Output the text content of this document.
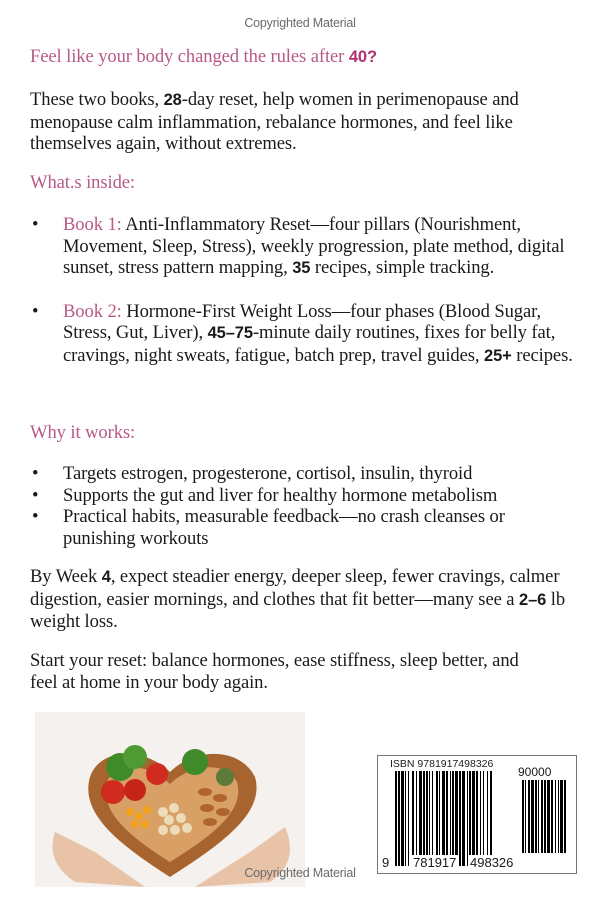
Copyrighted Material
Feel like your body changed the rules after 40?
These two books, 28-day reset, help women in perimenopause and menopause calm inflammation, rebalance hormones, and feel like themselves again, without extremes.
What.s inside:
• Book 1: Anti-Inflammatory Reset—four pillars (Nourishment, Movement, Sleep, Stress), weekly progression, plate method, digital sunset, stress pattern mapping, 35 recipes, simple tracking.
• Book 2: Hormone-First Weight Loss—four phases (Blood Sugar, Stress, Gut, Liver), 45–75-minute daily routines, fixes for belly fat, cravings, night sweats, fatigue, batch prep, travel guides, 25+ recipes.
Why it works:
• Targets estrogen, progesterone, cortisol, insulin, thyroid
• Supports the gut and liver for healthy hormone metabolism
• Practical habits, measurable feedback—no crash cleanses or punishing workouts
By Week 4, expect steadier energy, deeper sleep, fewer cravings, calmer digestion, easier mornings, and clothes that fit better—many see a 2–6 lb weight loss.
Start your reset: balance hormones, ease stiffness, sleep better, and feel at home in your body again.
ISBN 9781917498326
90000
9 781917 498326
Copyrighted Material
